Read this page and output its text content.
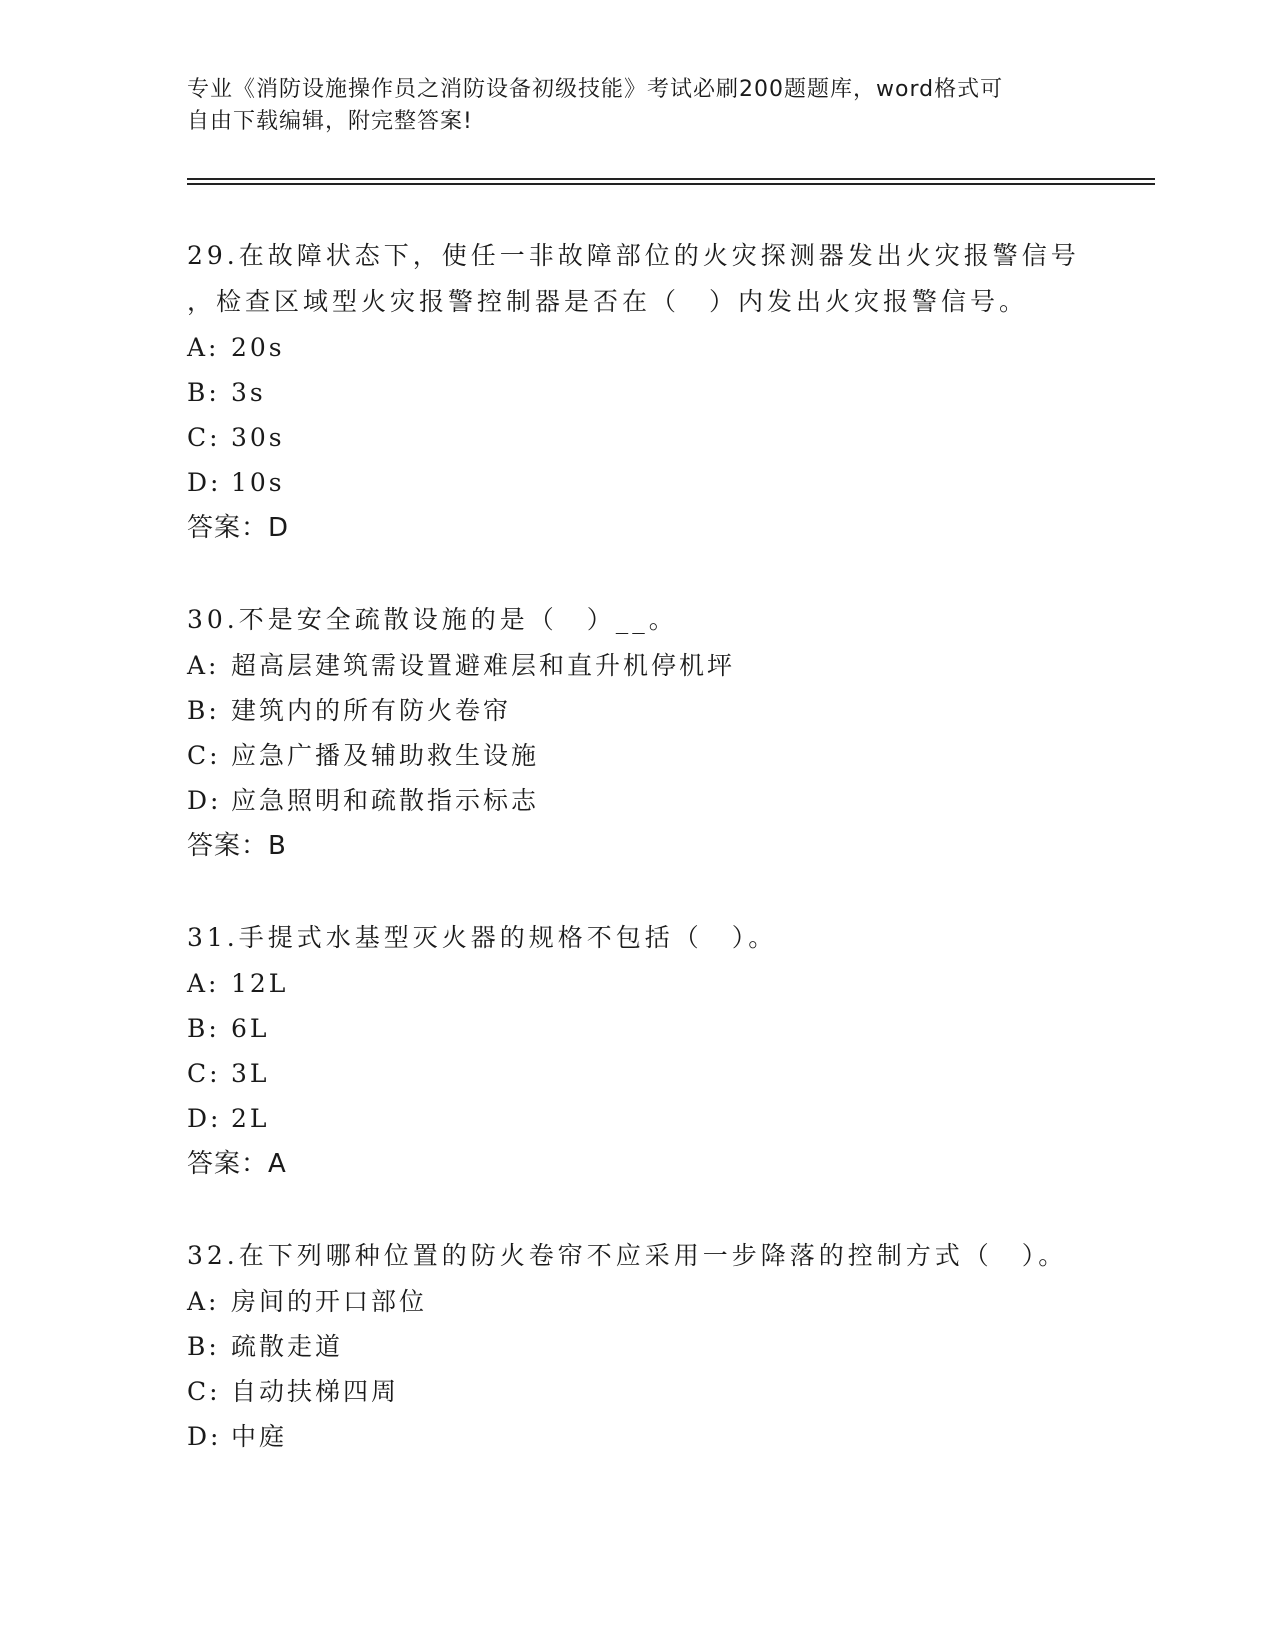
专业《消防设施操作员之消防设备初级技能》考试必刷200题题库，word格式可
自由下载编辑，附完整答案!
29.在故障状态下，使任一非故障部位的火灾探测器发出火灾报警信号
，检查区域型火灾报警控制器是否在（　）内发出火灾报警信号。
A: 20s
B: 3s
C: 30s
D: 10s
答案：D
30.不是安全疏散设施的是（　）__。
A: 超高层建筑需设置避难层和直升机停机坪
B: 建筑内的所有防火卷帘
C: 应急广播及辅助救生设施
D: 应急照明和疏散指示标志
答案：B
31.手提式水基型灭火器的规格不包括（　）。
A: 12L
B: 6L
C: 3L
D: 2L
答案：A
32.在下列哪种位置的防火卷帘不应采用一步降落的控制方式（　）。
A: 房间的开口部位
B: 疏散走道
C: 自动扶梯四周
D: 中庭
